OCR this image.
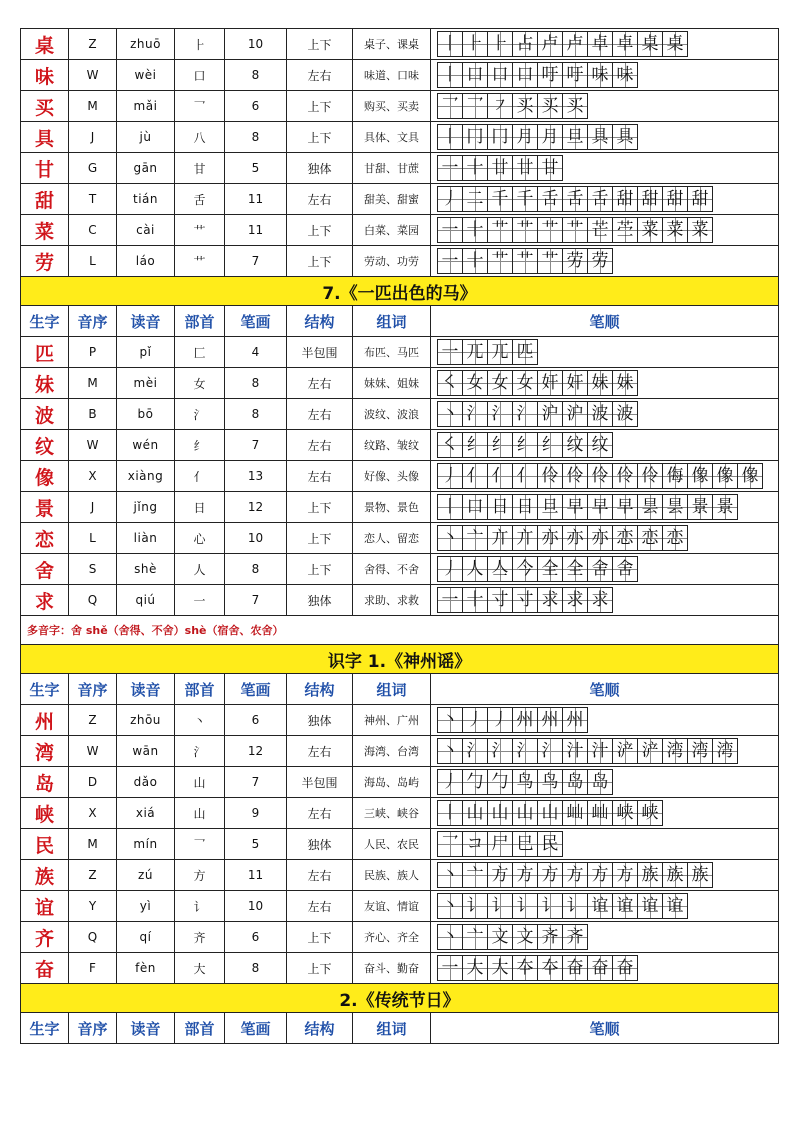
桌	Z	zhuō	⺊	10	上下	桌子、课桌	丨 ⺊ ⺊ 占 卢 卢 卓 卓 桌 桌
味	W	wèi	口	8	左右	味道、口味	丨 口 口 口 吁 吁 味 味
买	M	mǎi	乛	6	上下	购买、买卖	乛 乛 ㇇ 买 买 买
具	J	jù	八	8	上下	具体、文具	丨 冂 冂 月 月 旦 具 具
甘	G	gān	甘	5	独体	甘甜、甘蔗	一 十 廿 廿 甘
甜	T	tián	舌	11	左右	甜美、甜蜜	丿 二 千 千 舌 舌 舌 甜 甜 甜 甜
菜	C	cài	艹	11	上下	白菜、菜园	一 十 艹 艹 艹 艹 芒 苎 菜 菜 菜
劳	L	láo	艹	7	上下	劳动、功劳	一 十 艹 艹 艹 劳 劳
7.《一匹出色的马》							
生字	音序	读音	部首	笔画	结构	组词	笔顺
匹	P	pǐ	匚	4	半包围	布匹、马匹	一 兀 兀 匹
妹	M	mèi	女	8	左右	妹妹、姐妹	㇛ 女 女 女 奸 奸 妹 妹
波	B	bō	氵	8	左右	波纹、波浪	丶 氵 氵 氵 沪 沪 波 波
纹	W	wén	纟	7	左右	纹路、皱纹	㇛ 纟 纟 纟 纟 纹 纹
像	X	xiàng	亻	13	左右	好像、头像	丿 亻 亻 亻 伶 伶 伶 伶 伶 侮 像 像 像
景	J	jǐng	日	12	上下	景物、景色	丨 口 日 日 旦 早 早 早 昙 昙 景 景
恋	L	liàn	心	10	上下	恋人、留恋	丶 亠 亣 亣 亦 亦 亦 恋 恋 恋
舍	S	shè	人	8	上下	舍得、不舍	丿 人 亼 今 全 全 舍 舍
求	Q	qiú	一	7	独体	求助、求救	一 十 寸 寸 求 求 求
多音字：舍 shě（舍得、不舍）shè（宿舍、农舍）							
识字 1.《神州谣》							
生字	音序	读音	部首	笔画	结构	组词	笔顺
州	Z	zhōu	丶	6	独体	神州、广州	丶 丿 丿 州 州 州
湾	W	wān	氵	12	左右	海湾、台湾	丶 氵 氵 氵 氵 汁 汁 浐 浐 湾 湾 湾
岛	D	dǎo	山	7	半包围	海岛、岛屿	丿 勹 勹 鸟 鸟 岛 岛
峡	X	xiá	山	9	左右	三峡、峡谷	丨 山 山 山 山 屾 屾 峡 峡
民	M	mín	乛	5	独体	人民、农民	乛 コ 尸 巳 民
族	Z	zú	方	11	左右	民族、族人	丶 亠 方 方 方 方 方 方 族 族 族
谊	Y	yì	讠	10	左右	友谊、情谊	丶 讠 讠 讠 讠 讠 谊 谊 谊 谊
齐	Q	qí	齐	6	上下	齐心、齐全	丶 亠 文 文 齐 齐
奋	F	fèn	大	8	上下	奋斗、勤奋	一 大 大 夲 夲 奋 奋 奋
2.《传统节日》							
生字	音序	读音	部首	笔画	结构	组词	笔顺
